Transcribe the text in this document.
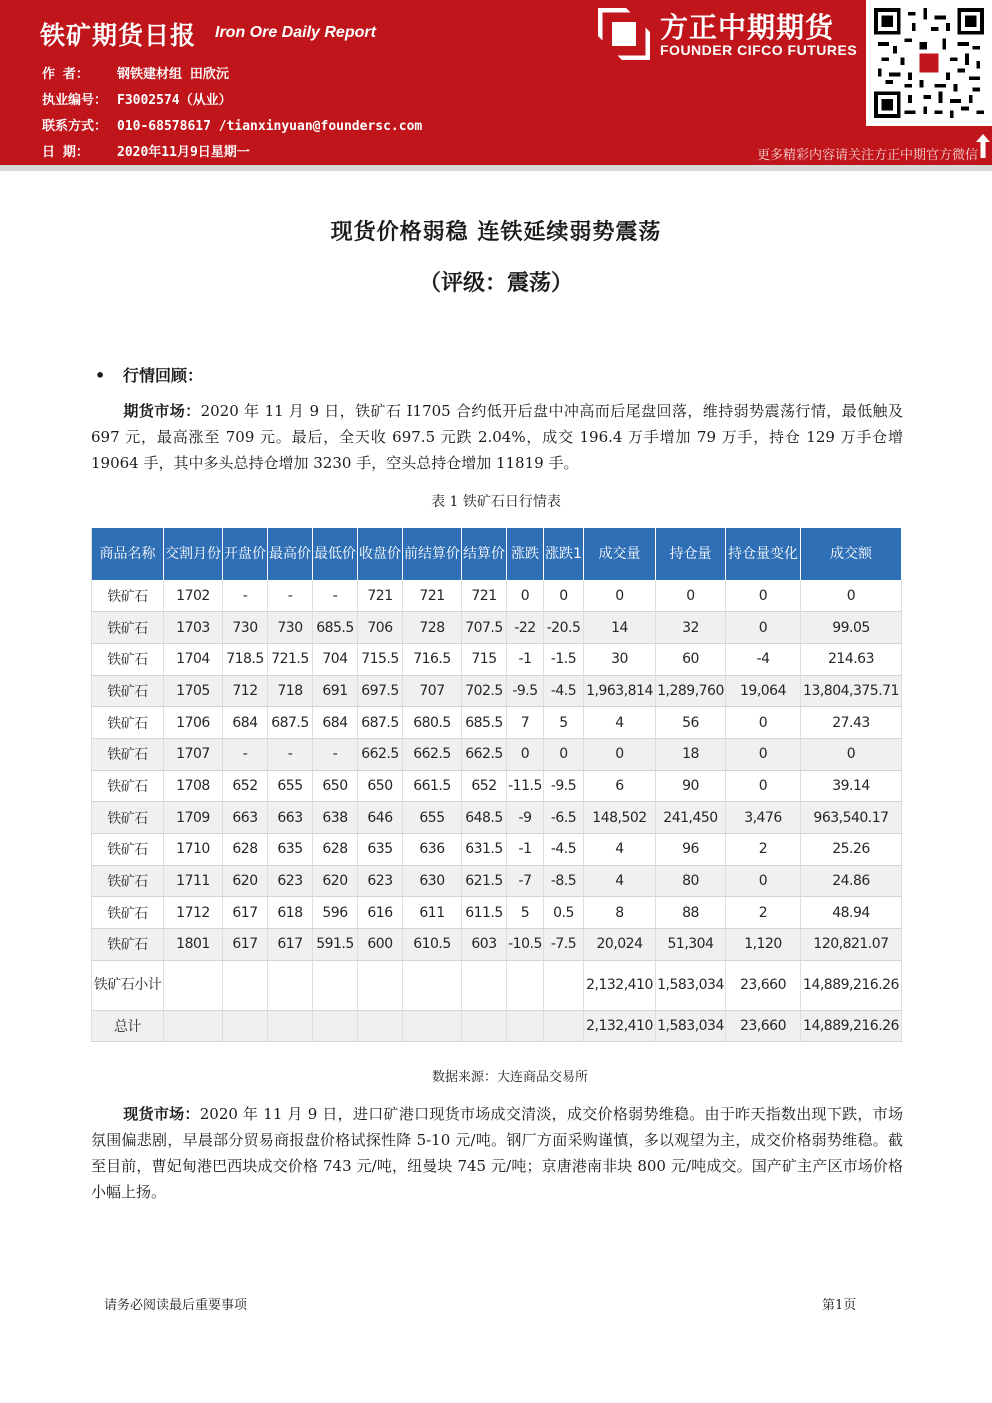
铁矿期货日报 Iron Ore Daily Report
作 者： 钢铁建材组 田欣沅
执业编号： F3002574（从业）
联系方式： 010-68578617 /tianxinyuan@foundersc.com
日 期： 2020年11月9日星期一
方正中期期货
FOUNDER CIFCO FUTURES
更多精彩内容请关注方正中期官方微信
现货价格弱稳 连铁延续弱势震荡
（评级：震荡）
• 行情回顾：
期货市场：2020 年 11 月 9 日，铁矿石 I1705 合约低开后盘中冲高而后尾盘回落，维持弱势震荡行情，最低触及 697 元，最高涨至 709 元。最后，全天收 697.5 元跌 2.04%，成交 196.4 万手增加 79 万手，持仓 129 万手仓增 19064 手，其中多头总持仓增加 3230 手，空头总持仓增加 11819 手。
表 1 铁矿石日行情表
商品名称	交割月份	开盘价	最高价	最低价	收盘价	前结算价	结算价	涨跌	涨跌1	成交量	持仓量	持仓量变化	成交额
铁矿石	1702	-	-	-	721	721	721	0	0	0	0	0	0
铁矿石	1703	730	730	685.5	706	728	707.5	-22	-20.5	14	32	0	99.05
铁矿石	1704	718.5	721.5	704	715.5	716.5	715	-1	-1.5	30	60	-4	214.63
铁矿石	1705	712	718	691	697.5	707	702.5	-9.5	-4.5	1,963,814	1,289,760	19,064	13,804,375.71
铁矿石	1706	684	687.5	684	687.5	680.5	685.5	7	5	4	56	0	27.43
铁矿石	1707	-	-	-	662.5	662.5	662.5	0	0	0	18	0	0
铁矿石	1708	652	655	650	650	661.5	652	-11.5	-9.5	6	90	0	39.14
铁矿石	1709	663	663	638	646	655	648.5	-9	-6.5	148,502	241,450	3,476	963,540.17
铁矿石	1710	628	635	628	635	636	631.5	-1	-4.5	4	96	2	25.26
铁矿石	1711	620	623	620	623	630	621.5	-7	-8.5	4	80	0	24.86
铁矿石	1712	617	618	596	616	611	611.5	5	0.5	8	88	2	48.94
铁矿石	1801	617	617	591.5	600	610.5	603	-10.5	-7.5	20,024	51,304	1,120	120,821.07
铁矿石小计										2,132,410	1,583,034	23,660	14,889,216.26
总计										2,132,410	1,583,034	23,660	14,889,216.26
数据来源：大连商品交易所
现货市场：2020 年 11 月 9 日，进口矿港口现货市场成交清淡，成交价格弱势维稳。由于昨天指数出现下跌，市场氛围偏悲剧，早晨部分贸易商报盘价格试探性降 5-10 元/吨。钢厂方面采购谨慎，多以观望为主，成交价格弱势维稳。截至目前，曹妃甸港巴西块成交价格 743 元/吨，纽曼块 745 元/吨；京唐港南非块 800 元/吨成交。国产矿主产区市场价格小幅上扬。
请务必阅读最后重要事项	第1页
